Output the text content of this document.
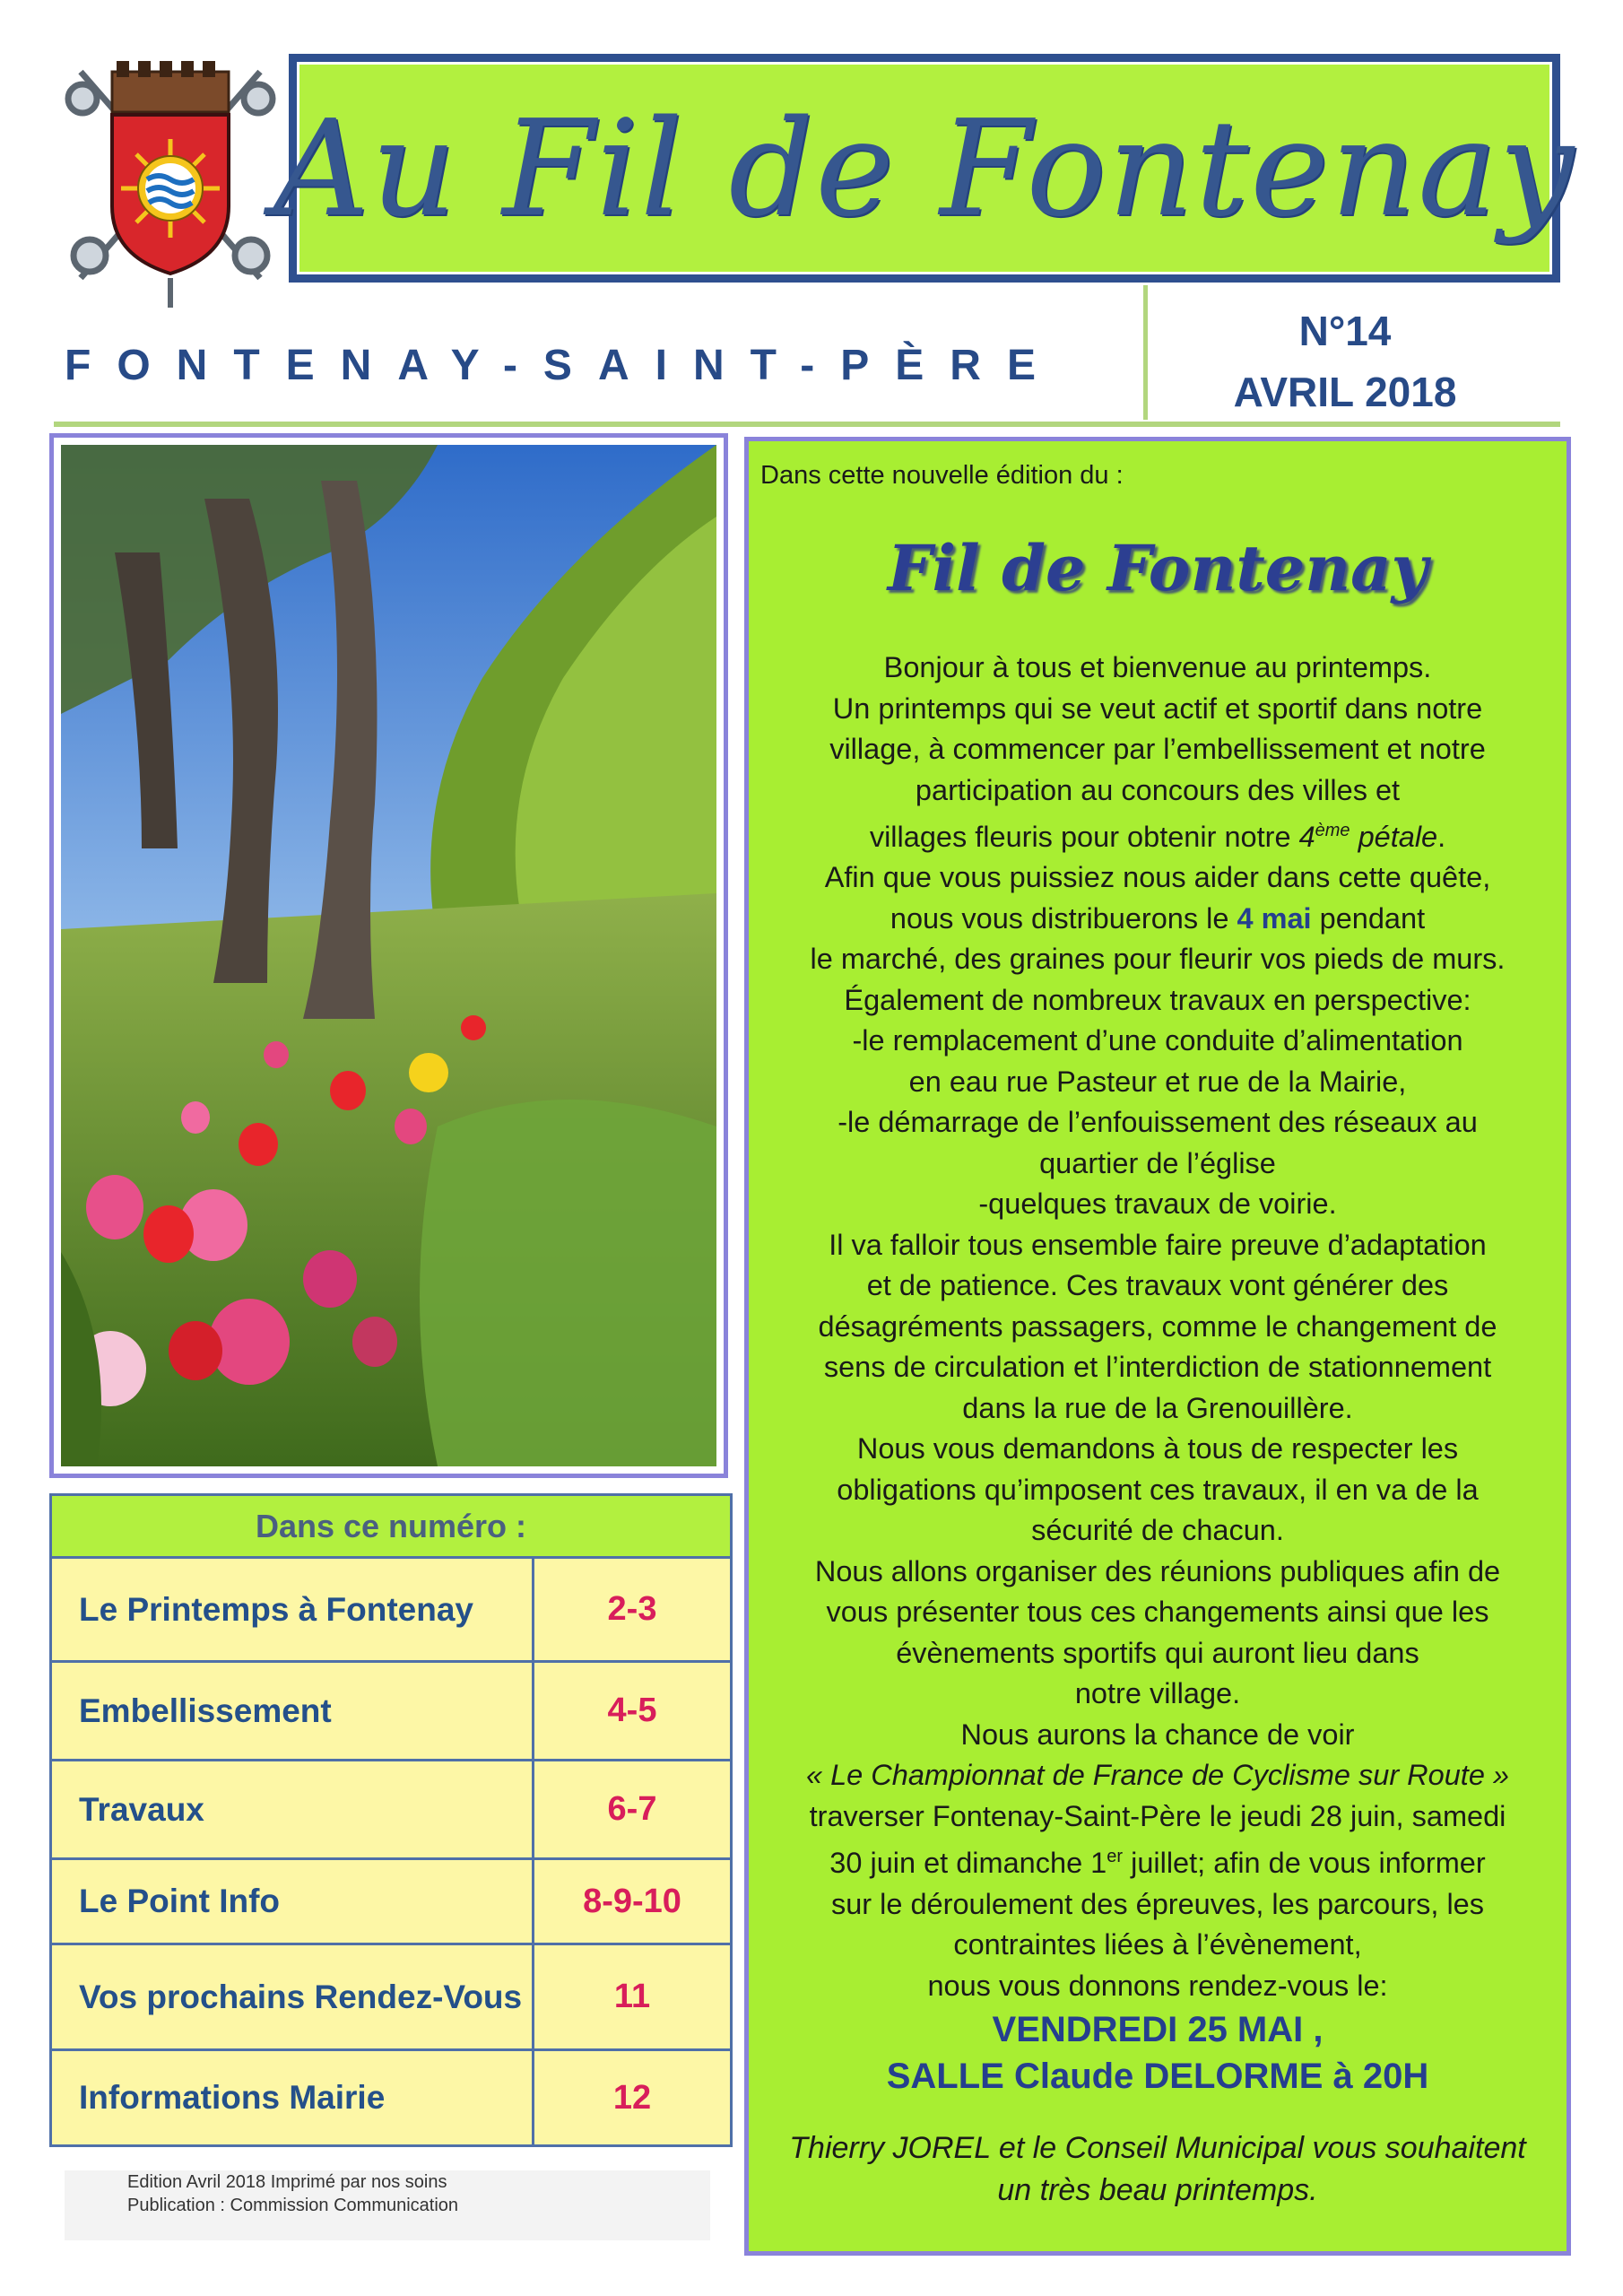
Au Fil de Fontenay
FONTENAY-SAINT-PÈRE
N°14
AVRIL 2018
Dans ce numéro :
Le Printemps à Fontenay	2-3
Embellissement	4-5
Travaux	6-7
Le Point Info	8-9-10
Vos prochains Rendez-Vous	11
Informations Mairie	12
Edition Avril 2018 Imprimé par nos soins
Publication : Commission Communication
Dans cette nouvelle édition du :
Fil de Fontenay

Bonjour à tous et bienvenue au printemps.

Un printemps qui se veut actif et sportif dans notre

village, à commencer par l’embellissement et notre

participation au concours des villes et

villages fleuris pour obtenir notre 4ème pétale.

Afin que vous puissiez nous aider dans cette quête,

nous vous distribuerons le 4 mai pendant

le marché, des graines pour fleurir vos pieds de murs.

Également de nombreux travaux en perspective:

-le remplacement d’une conduite d’alimentation

en eau rue Pasteur et rue de la Mairie,

-le démarrage de l’enfouissement des réseaux au

quartier de l’église

-quelques travaux de voirie.

Il va falloir tous ensemble faire preuve d’adaptation

et de patience. Ces travaux vont générer des

désagréments passagers, comme le changement de

sens de circulation et l’interdiction de stationnement

dans la rue de la Grenouillère.

Nous vous demandons à tous de respecter les

obligations qu’imposent ces travaux, il en va de la

sécurité de chacun.

Nous allons organiser des réunions publiques afin de

vous présenter tous ces changements ainsi que les

évènements sportifs qui auront lieu dans

notre village.

Nous aurons la chance de voir

« Le Championnat de France de Cyclisme sur Route »

traverser Fontenay-Saint-Père le jeudi 28 juin, samedi

30 juin et dimanche 1er juillet; afin de vous informer

sur le déroulement des épreuves, les parcours, les

contraintes liées à l’évènement,

nous vous donnons rendez-vous le:

VENDREDI 25 MAI ,

SALLE Claude DELORME à 20H

Thierry JOREL et le Conseil Municipal vous souhaitent

un très beau printemps.
